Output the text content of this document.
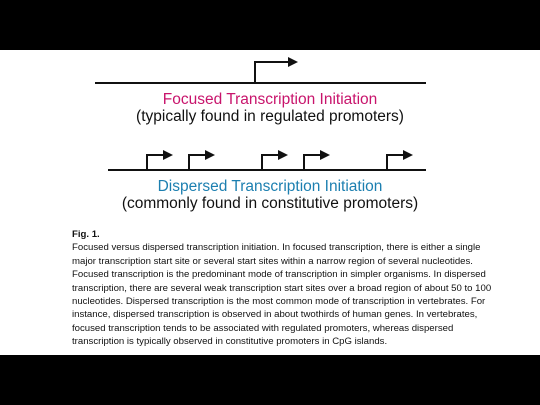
Focused Transcription Initiation
(typically found in regulated promoters)
Dispersed Transcription Initiation
(commonly found in constitutive promoters)
Fig. 1.
Focused versus dispersed transcription initiation. In focused transcription, there is either a single major transcription start site or several start sites within a narrow region of several nucleotides. Focused transcription is the predominant mode of transcription in simpler organisms. In dispersed transcription, there are several weak transcription start sites over a broad region of about 50 to 100 nucleotides. Dispersed transcription is the most common mode of transcription in vertebrates. For instance, dispersed transcription is observed in about twothirds of human genes. In vertebrates, focused transcription tends to be associated with regulated promoters, whereas dispersed transcription is typically observed in constitutive promoters in CpG islands.
